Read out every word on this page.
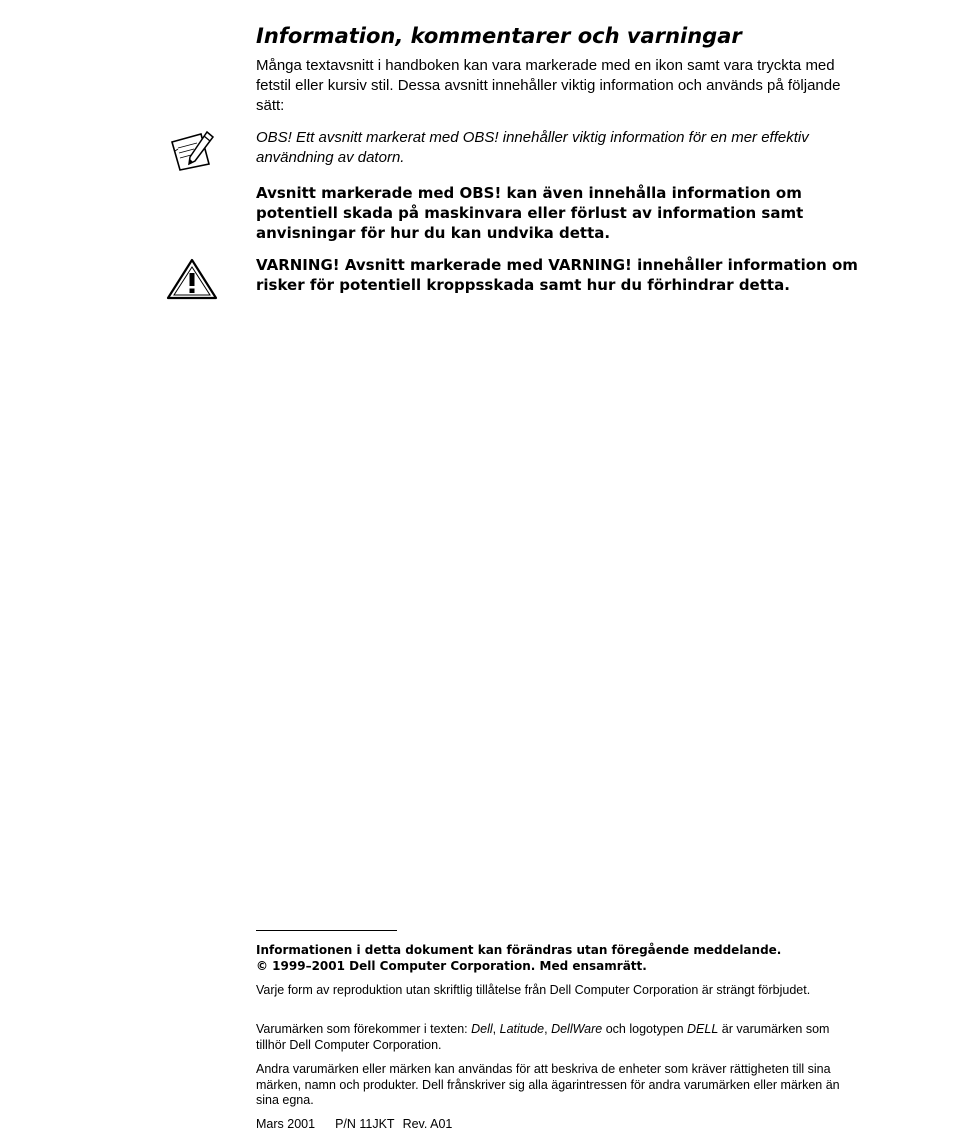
Information, kommentarer och varningar

Många textavsnitt i handboken kan vara markerade med en ikon samt vara tryckta med fetstil eller kursiv stil. Dessa avsnitt innehåller viktig information och används på följande sätt:

OBS! Ett avsnitt markerat med OBS! innehåller viktig information för en mer effektiv användning av datorn.

Avsnitt markerade med OBS! kan även innehålla information om potentiell skada på maskinvara eller förlust av information samt anvisningar för hur du kan undvika detta.

VARNING! Avsnitt markerade med VARNING! innehåller information om risker för potentiell kroppsskada samt hur du förhindrar detta.

Informationen i detta dokument kan förändras utan föregående meddelande.
© 1999–2001 Dell Computer Corporation. Med ensamrätt.

Varje form av reproduktion utan skriftlig tillåtelse från Dell Computer Corporation är strängt förbjudet.

Varumärken som förekommer i texten: Dell, Latitude, DellWare och logotypen DELL är varumärken som tillhör Dell Computer Corporation.

Andra varumärken eller märken kan användas för att beskriva de enheter som kräver rättigheten till sina märken, namn och produkter. Dell frånskriver sig alla ägarintressen för andra varumärken eller märken än sina egna.

Mars 2001 P/N 11JKT Rev. A01
